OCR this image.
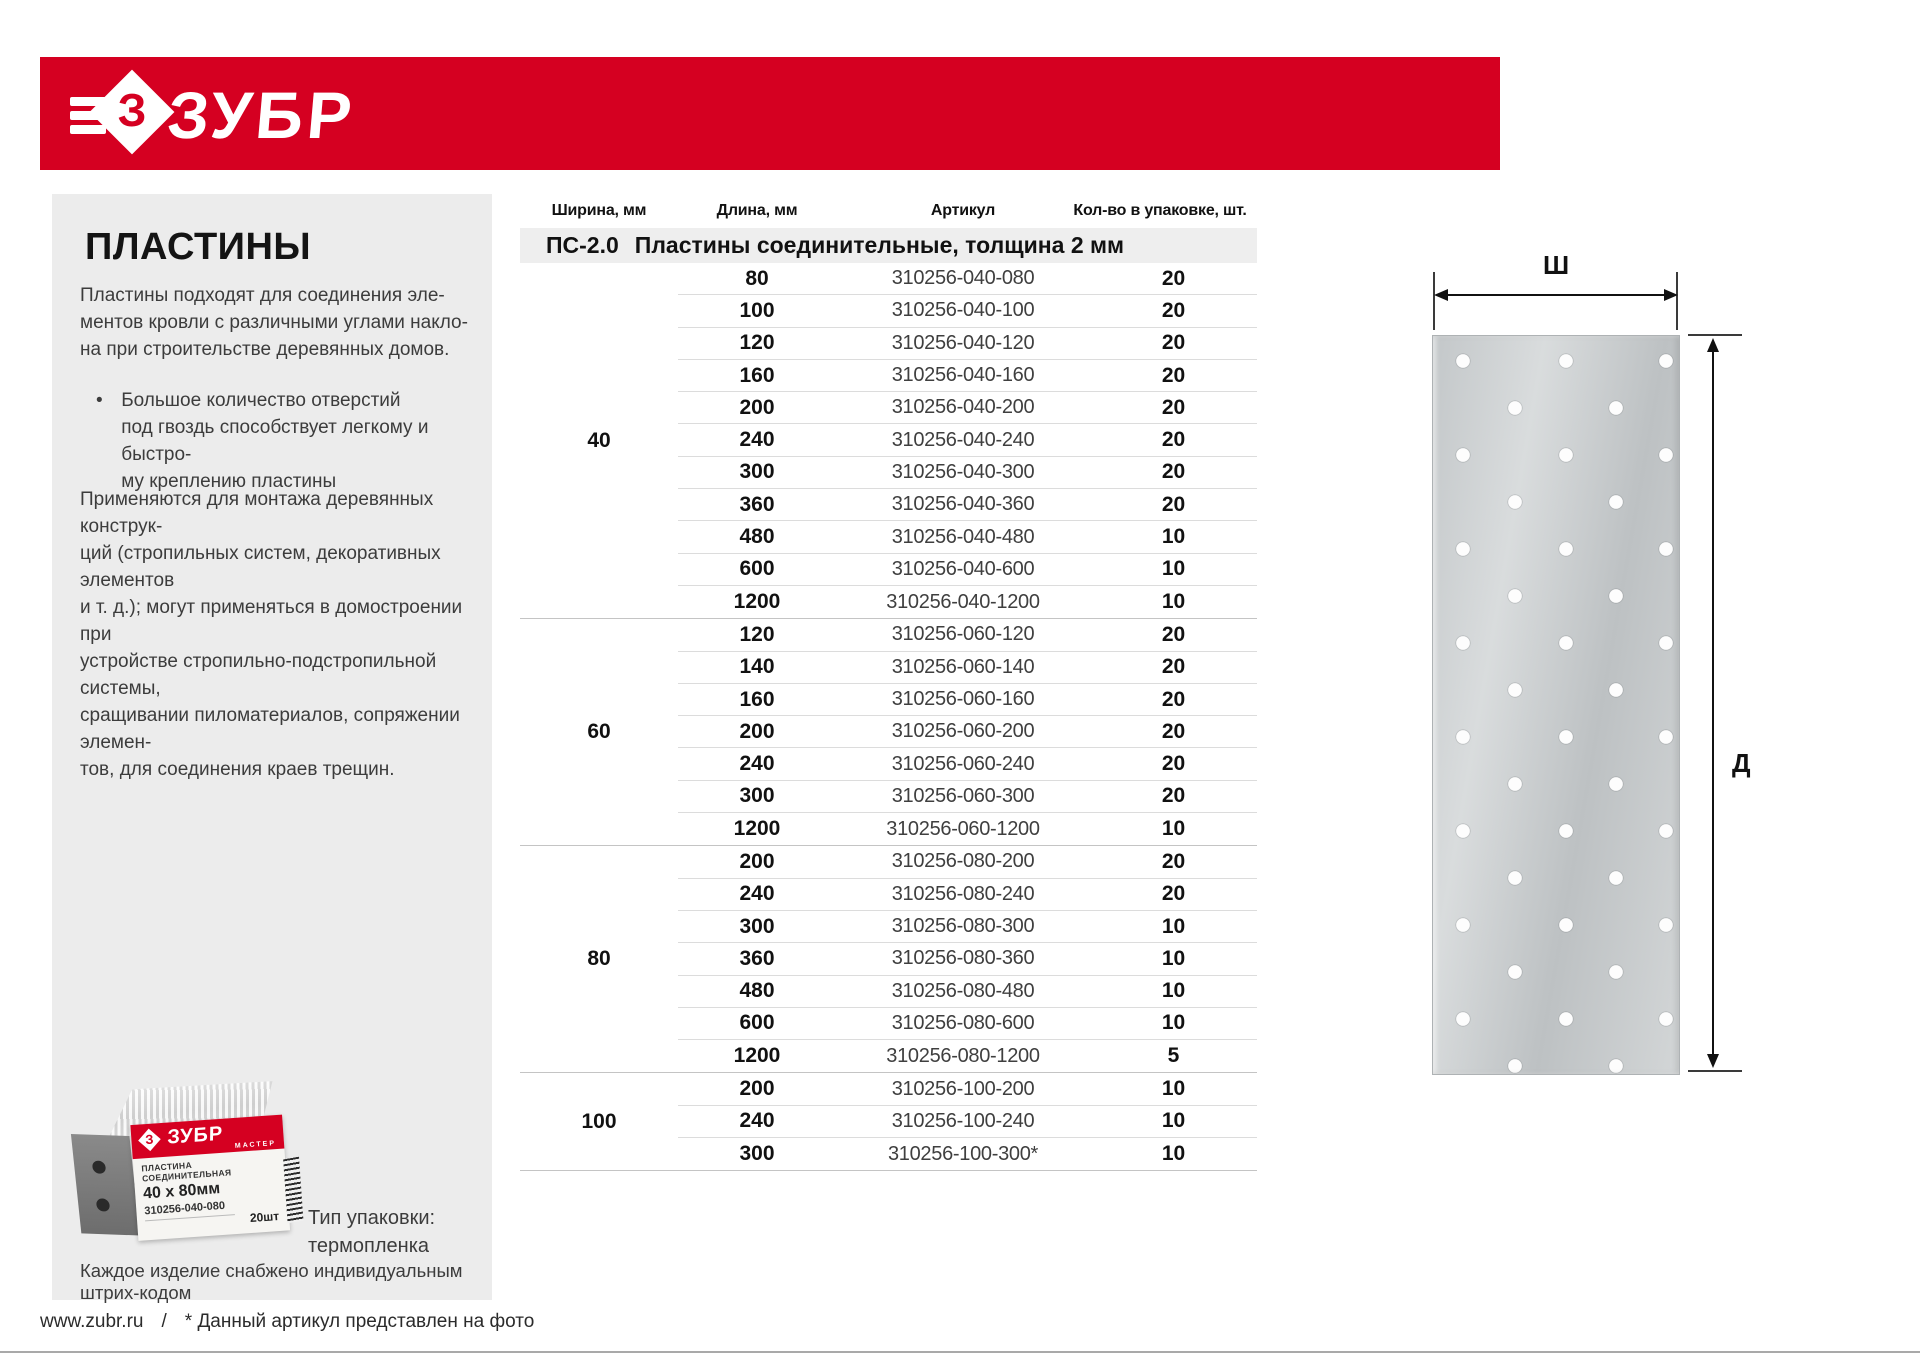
З ЗУБР
ПЛАСТИНЫ
Пластины подходят для соединения эле-
ментов кровли с различными углами накло-
на при строительстве деревянных домов.
• Большое количество отверстий
под гвоздь способствует легкому и быстро-
му креплению пластины
Применяются для монтажа деревянных конструк-
ций (стропильных систем, декоративных элементов
и т. д.); могут применяться в домостроении при
устройстве стропильно-подстропильной системы,
сращивании пиломатериалов, сопряжении элемен-
тов, для соединения краев трещин.
З ЗУБР МАСТЕР
ПЛАСТИНА СОЕДИНИТЕЛЬНАЯ
40 х 80мм
310256-040-080	20шт Тип упаковки:
термопленка
Каждое изделие снабжено индивидуальным штрих-кодом
Ширина, мм	Длина, мм	Артикул	Кол-во в упаковке, шт.
ПС-2.0 Пластины соединительные, толщина 2 мм
40
80	310256-040-080	20
100	310256-040-100	20
120	310256-040-120	20
160	310256-040-160	20
200	310256-040-200	20
240	310256-040-240	20
300	310256-040-300	20
360	310256-040-360	20
480	310256-040-480	10
600	310256-040-600	10
1200	310256-040-1200	10
60
120	310256-060-120	20
140	310256-060-140	20
160	310256-060-160	20
200	310256-060-200	20
240	310256-060-240	20
300	310256-060-300	20
1200	310256-060-1200	10
80
200	310256-080-200	20
240	310256-080-240	20
300	310256-080-300	10
360	310256-080-360	10
480	310256-080-480	10
600	310256-080-600	10
1200	310256-080-1200	5
100
200	310256-100-200	10
240	310256-100-240	10
300	310256-100-300*	10
Ш
Д
www.zubr.ru / * Данный артикул представлен на фото
